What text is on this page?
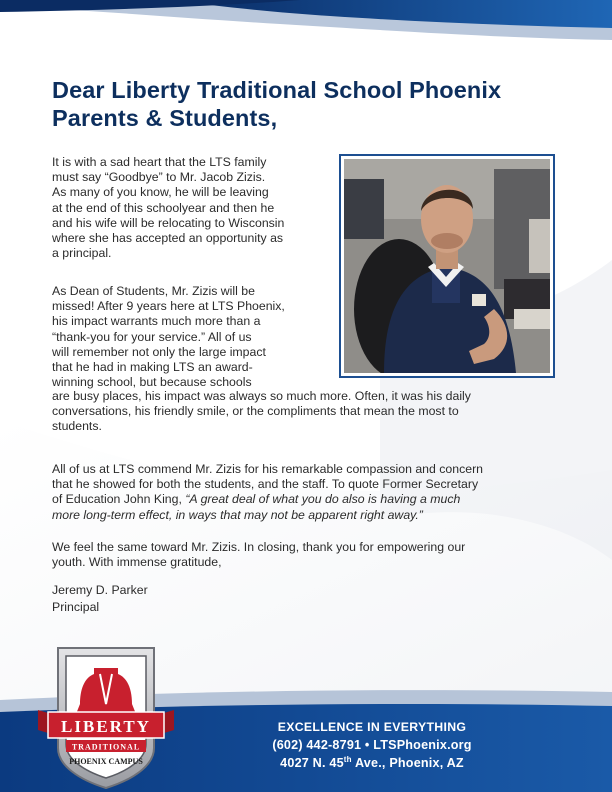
Dear Liberty Traditional School Phoenix
Parents & Students,
It is with a sad heart that the LTS family
must say “Goodbye” to Mr. Jacob Zizis.
As many of you know, he will be leaving
at the end of this schoolyear and then he
and his wife will be relocating to Wisconsin
where she has accepted an opportunity as
a principal.
As Dean of Students, Mr. Zizis will be
missed! After 9 years here at LTS Phoenix,
his impact warrants much more than a
“thank-you for your service.” All of us
will remember not only the large impact
that he had in making LTS an award-
winning school, but because schools
are busy places, his impact was always so much more. Often, it was his daily
conversations, his friendly smile, or the compliments that mean the most to
students.
All of us at LTS commend Mr. Zizis for his remarkable compassion and concern
that he showed for both the students, and the staff. To quote Former Secretary
of Education John King, “A great deal of what you do also is having a much
more long-term effect, in ways that may not be apparent right away.”
We feel the same toward Mr. Zizis. In closing, thank you for empowering our
youth. With immense gratitude,
Jeremy D. Parker
Principal
LIBERTY
TRADITIONAL
PHOENIX CAMPUS
EXCELLENCE IN EVERYTHING
(602) 442-8791 • LTSPhoenix.org
4027 N. 45th Ave., Phoenix, AZ
